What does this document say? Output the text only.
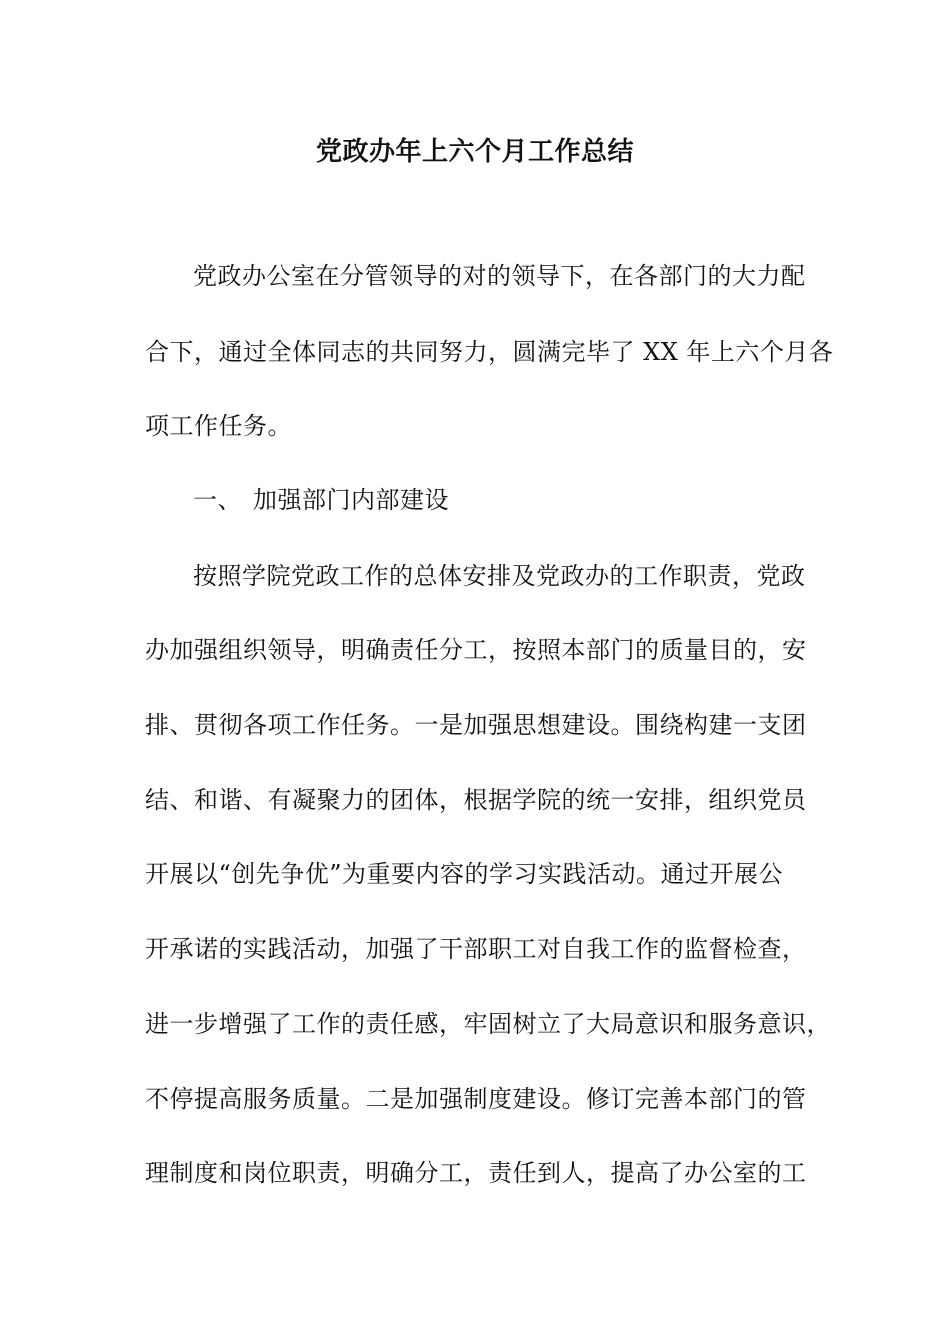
党政办年上六个月工作总结
党政办公室在分管领导的对的领导下，在各部门的大力配
合下，通过全体同志的共同努力，圆满完毕了 XX 年上六个月各
项工作任务。
一、 加强部门内部建设
按照学院党政工作的总体安排及党政办的工作职责，党政
办加强组织领导，明确责任分工，按照本部门的质量目的，安
排、贯彻各项工作任务。一是加强思想建设。围绕构建一支团
结、和谐、有凝聚力的团体，根据学院的统一安排，组织党员
开展以“创先争优”为重要内容的学习实践活动。通过开展公
开承诺的实践活动，加强了干部职工对自我工作的监督检查，
进一步增强了工作的责任感，牢固树立了大局意识和服务意识，
不停提高服务质量。二是加强制度建设。修订完善本部门的管
理制度和岗位职责，明确分工，责任到人，提高了办公室的工
